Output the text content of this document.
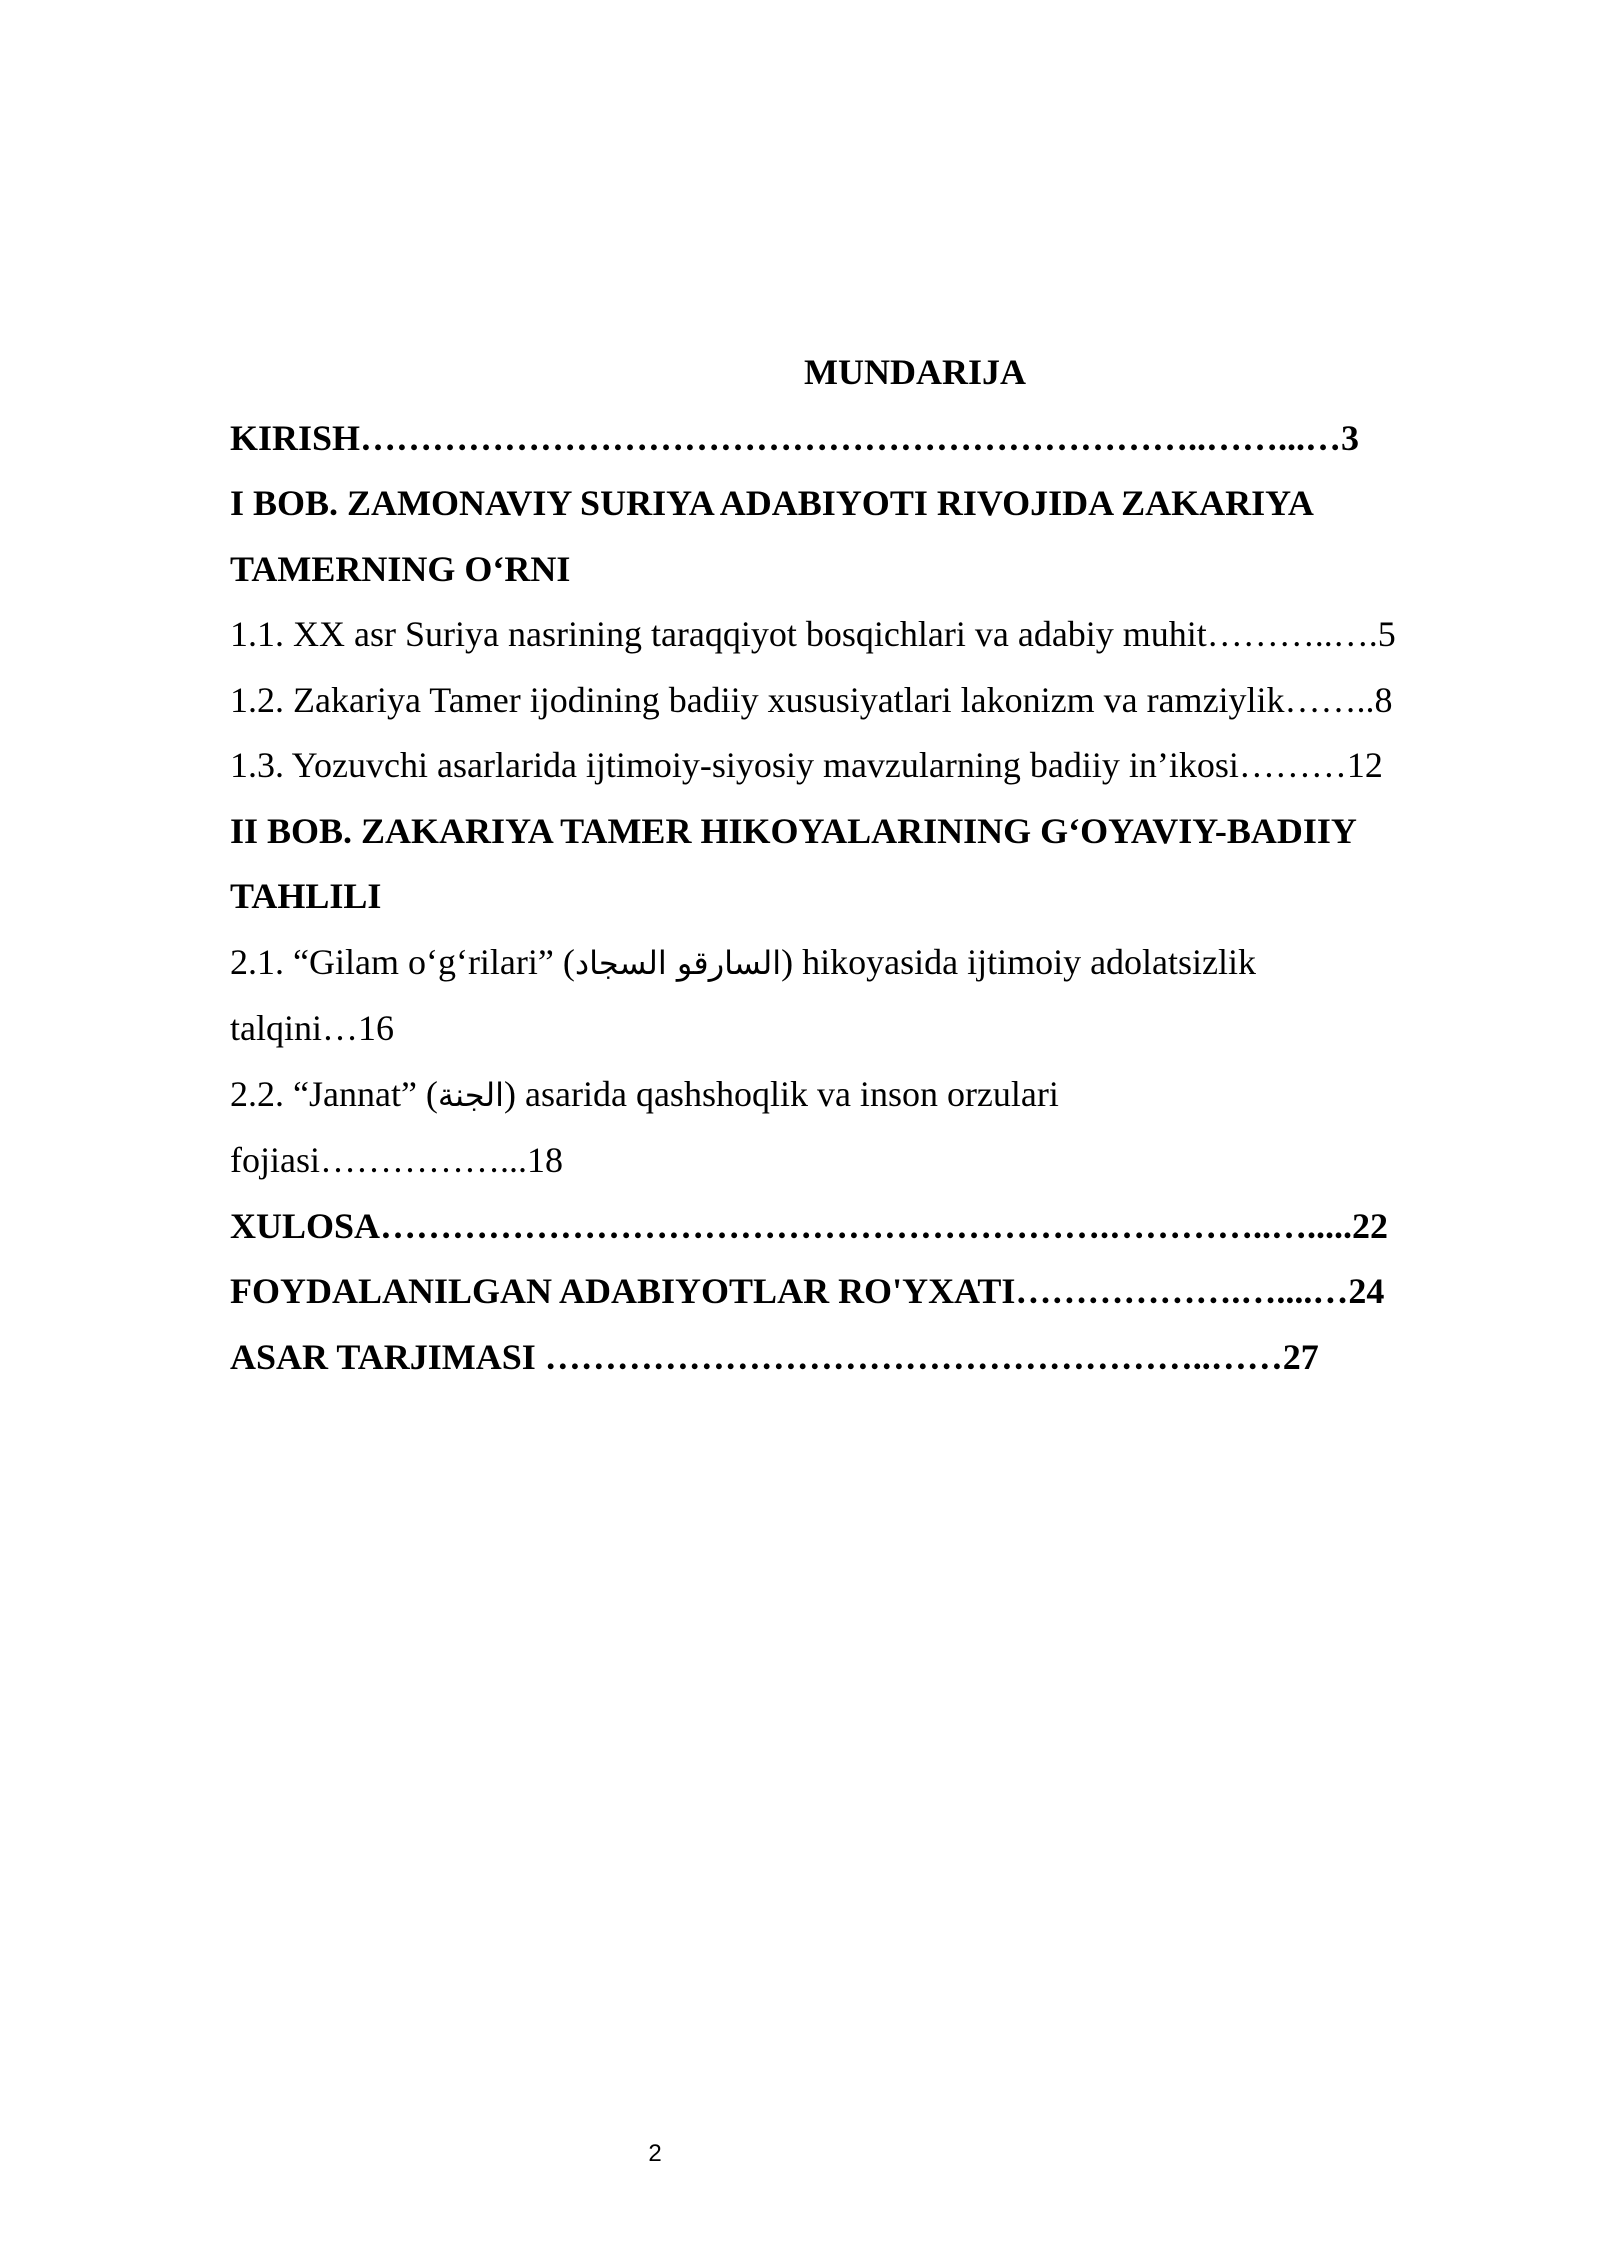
MUNDARIJA

KIRISH……………………………………………………………..……...…3

I BOB. ZAMONAVIY SURIYA ADABIYOTI RIVOJIDA ZAKARIYA

TAMERNING O‘RNI

1.1. XX asr Suriya nasrining taraqqiyot bosqichlari va adabiy muhit………..….5

1.2. Zakariya Tamer ijodining badiiy xususiyatlari lakonizm va ramziylik……..8

1.3. Yozuvchi asarlarida ijtimoiy-siyosiy mavzularning badiiy in’ikosi………12

II BOB. ZAKARIYA TAMER HIKOYALARINING G‘OYAVIY-BADIIY

TAHLILI

2.1. “Gilam o‘g‘rilari” (السارقو السجاد) hikoyasida ijtimoiy adolatsizlik

talqini…16

2.2. “Jannat” (الجنة) asarida qashshoqlik va inson orzulari

fojiasi……………...18

XULOSA…………………………………………………….…………..….....22

FOYDALANILGAN ADABIYOTLAR RO'YXATI……………….…....…24

ASAR TARJIMASI ………………………………………………..……27

2
